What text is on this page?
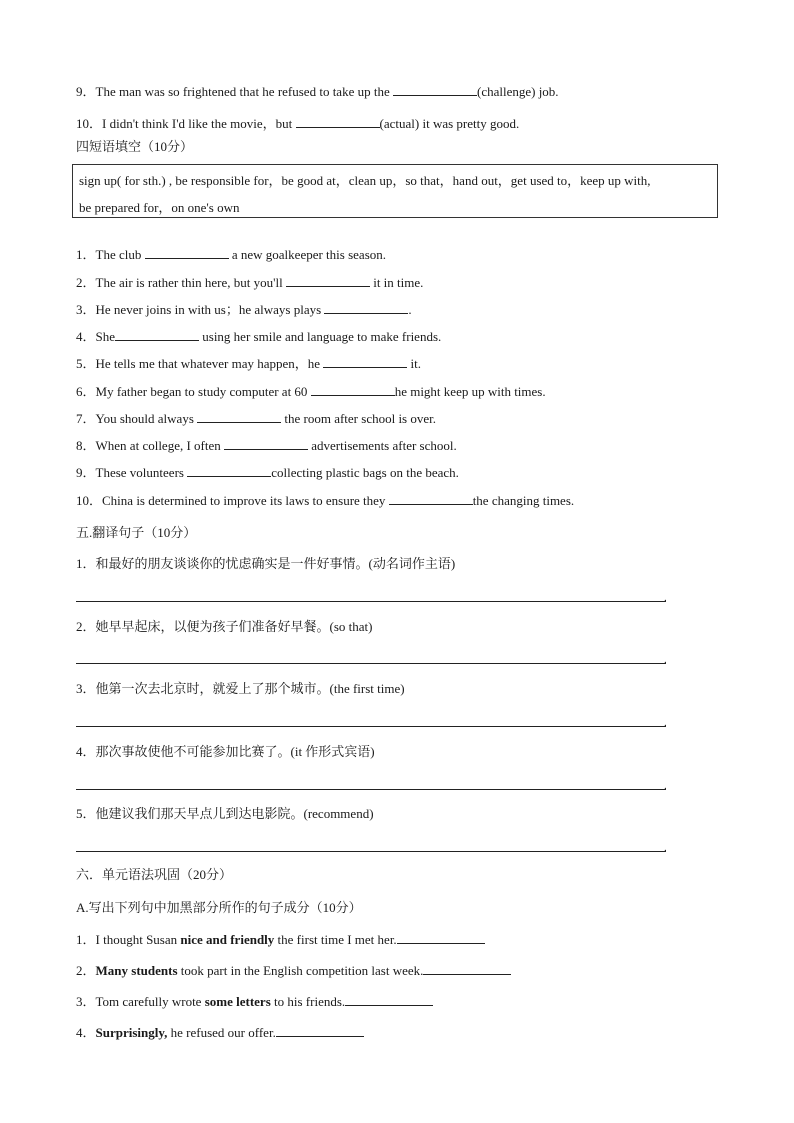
9．The man was so frightened that he refused to take up the	(challenge) job.
10．I didn't think I'd like the movie，but	(actual) it was pretty good.
四短语填空（10分）
sign up( for sth.) , be responsible for，be good at，clean up，so that，hand out，get used to，keep up with,
be prepared for，on one's own
1．The club	a new goalkeeper this season.
2．The air is rather thin here, but you'll	it in time.
3．He never joins in with us；he always plays	.
4．She	using her smile and language to make friends.
5．He tells me that whatever may happen，he	it.
6．My father began to study computer at 60	he might keep up with times.
7．You should always	the room after school is over.
8．When at college, I often	advertisements after school.
9．These volunteers	collecting plastic bags on the beach.
10．China is determined to improve its laws to ensure they	the changing times.
五.翻译句子（10分）
1．和最好的朋友谈谈你的忧虑确实是一件好事情。(动名词作主语)
.
2．她早早起床，以便为孩子们准备好早餐。(so that)
.
3．他第一次去北京时，就爱上了那个城市。(the first time)
.
4．那次事故使他不可能参加比赛了。(it 作形式宾语)
.
5．他建议我们那天早点儿到达电影院。(recommend)
.
六．单元语法巩固（20分）
A.写出下列句中加黑部分所作的句子成分（10分）
1．I thought Susan nice and friendly the first time I met her.
2．Many students took part in the English competition last week.
3．Tom carefully wrote some letters to his friends.
4．Surprisingly, he refused our offer.
